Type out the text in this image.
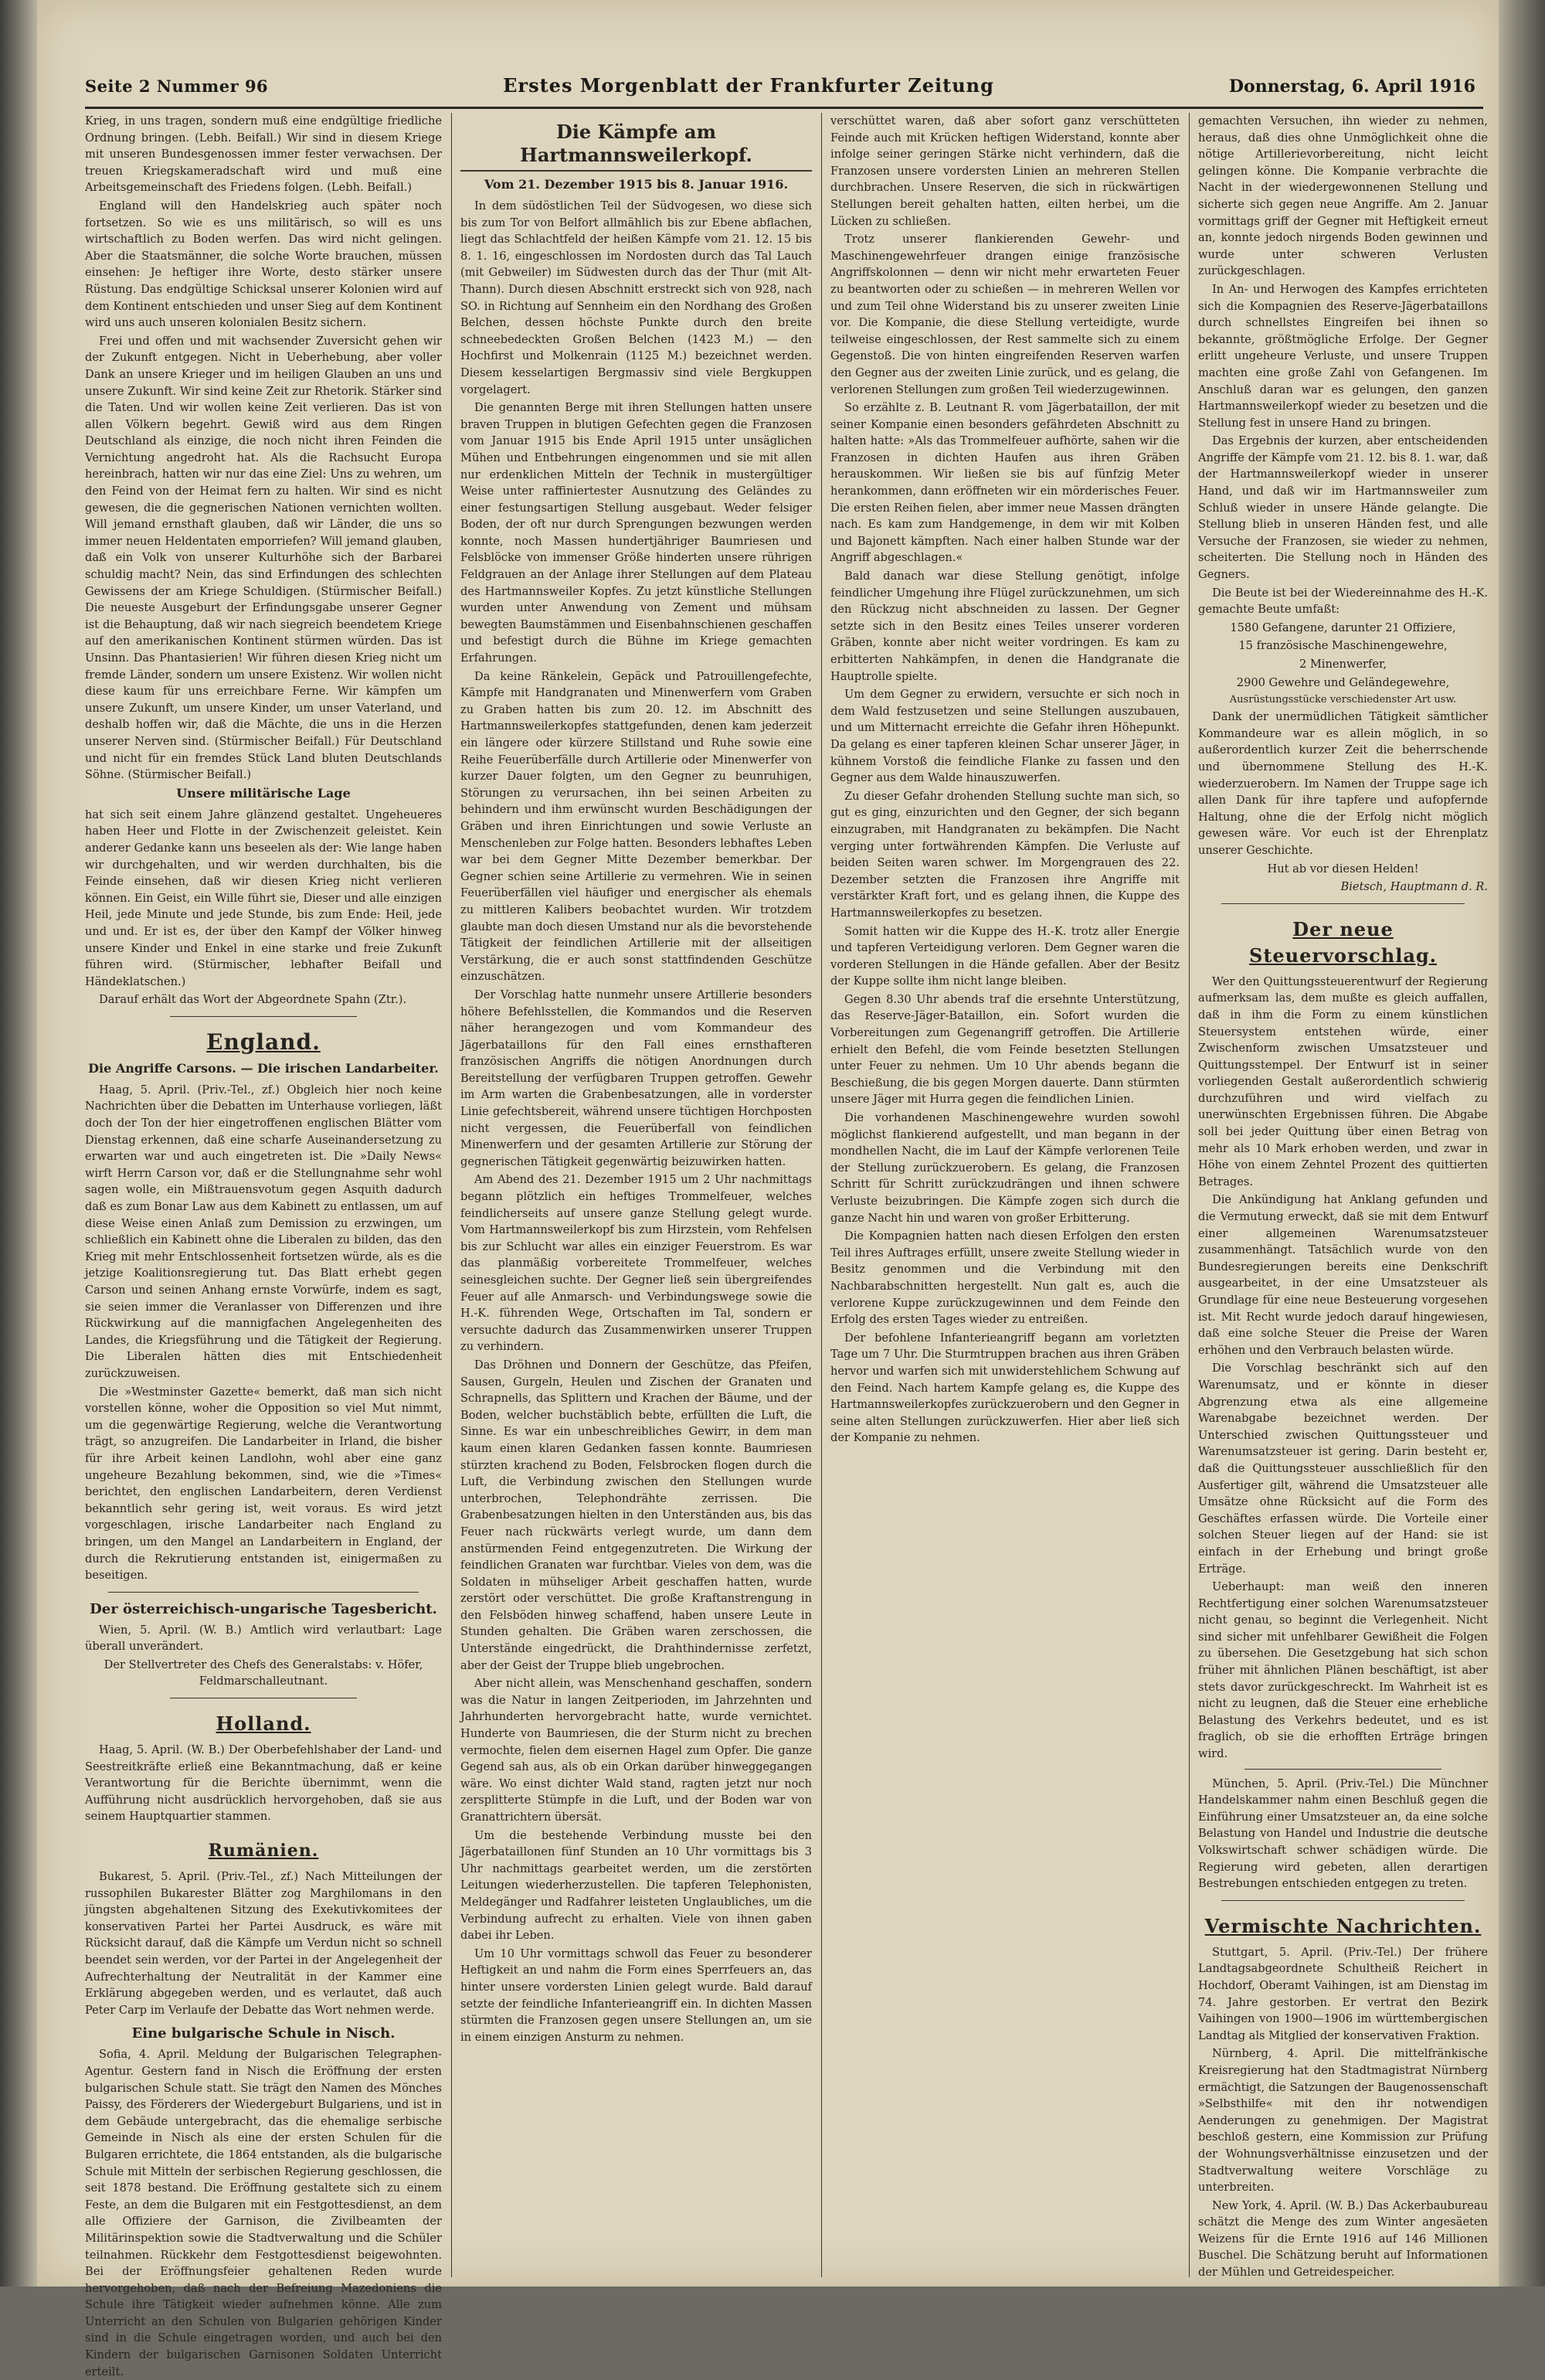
Seite 2 Nummer 96	Erstes Morgenblatt der Frankfurter Zeitung	Donnerstag, 6. April 1916

Krieg, in uns tragen, sondern muß eine endgültige friedliche Ordnung bringen. (Lebh. Beifall.) Wir sind in diesem Kriege mit unseren Bundesgenossen immer fester verwachsen. Der treuen Kriegskameradschaft wird und muß eine Arbeitsgemeinschaft des Friedens folgen. (Lebh. Beifall.)

England will den Handelskrieg auch später noch fortsetzen. So wie es uns militärisch, so will es uns wirtschaftlich zu Boden werfen. Das wird nicht gelingen. Aber die Staatsmänner, die solche Worte brauchen, müssen einsehen: Je heftiger ihre Worte, desto stärker unsere Rüstung. Das endgültige Schicksal unserer Kolonien wird auf dem Kontinent entschieden und unser Sieg auf dem Kontinent wird uns auch unseren kolonialen Besitz sichern.

Frei und offen und mit wachsender Zuversicht gehen wir der Zukunft entgegen. Nicht in Ueberhebung, aber voller Dank an unsere Krieger und im heiligen Glauben an uns und unsere Zukunft. Wir sind keine Zeit zur Rhetorik. Stärker sind die Taten. Und wir wollen keine Zeit verlieren. Das ist von allen Völkern begehrt. Gewiß wird aus dem Ringen Deutschland als einzige, die noch nicht ihren Feinden die Vernichtung angedroht hat. Als die Rachsucht Europa hereinbrach, hatten wir nur das eine Ziel: Uns zu wehren, um den Feind von der Heimat fern zu halten. Wir sind es nicht gewesen, die die gegnerischen Nationen vernichten wollten. Will jemand ernsthaft glauben, daß wir Länder, die uns so immer neuen Heldentaten emporriefen? Will jemand glauben, daß ein Volk von unserer Kulturhöhe sich der Barbarei schuldig macht? Nein, das sind Erfindungen des schlechten Gewissens der am Kriege Schuldigen. (Stürmischer Beifall.) Die neueste Ausgeburt der Erfindungsgabe unserer Gegner ist die Behauptung, daß wir nach siegreich beendetem Kriege auf den amerikanischen Kontinent stürmen würden. Das ist Unsinn. Das Phantasierien! Wir führen diesen Krieg nicht um fremde Länder, sondern um unsere Existenz. Wir wollen nicht diese kaum für uns erreichbare Ferne. Wir kämpfen um unsere Zukunft, um unsere Kinder, um unser Vaterland, und deshalb hoffen wir, daß die Mächte, die uns in die Herzen unserer Nerven sind. (Stürmischer Beifall.) Für Deutschland und nicht für ein fremdes Stück Land bluten Deutschlands Söhne. (Stürmischer Beifall.)

Unsere militärische Lage

hat sich seit einem Jahre glänzend gestaltet. Ungeheueres haben Heer und Flotte in der Zwischenzeit geleistet. Kein anderer Gedanke kann uns beseelen als der: Wie lange haben wir durchgehalten, und wir werden durchhalten, bis die Feinde einsehen, daß wir diesen Krieg nicht verlieren können. Ein Geist, ein Wille führt sie, Dieser und alle einzigen Heil, jede Minute und jede Stunde, bis zum Ende: Heil, jede und und. Er ist es, der über den Kampf der Völker hinweg unsere Kinder und Enkel in eine starke und freie Zukunft führen wird. (Stürmischer, lebhafter Beifall und Händeklatschen.)

Darauf erhält das Wort der Abgeordnete Spahn (Ztr.).

England.
Die Angriffe Carsons. — Die irischen Landarbeiter.

Haag, 5. April. (Priv.-Tel., zf.) Obgleich hier noch keine Nachrichten über die Debatten im Unterhause vorliegen, läßt doch der Ton der hier eingetroffenen englischen Blätter vom Dienstag erkennen, daß eine scharfe Auseinandersetzung zu erwarten war und auch eingetreten ist. Die »Daily News« wirft Herrn Carson vor, daß er die Stellungnahme sehr wohl sagen wolle, ein Mißtrauensvotum gegen Asquith dadurch daß es zum Bonar Law aus dem Kabinett zu entlassen, um auf diese Weise einen Anlaß zum Demission zu erzwingen, um schließlich ein Kabinett ohne die Liberalen zu bilden, das den Krieg mit mehr Entschlossenheit fortsetzen würde, als es die jetzige Koalitionsregierung tut. Das Blatt erhebt gegen Carson und seinen Anhang ernste Vorwürfe, indem es sagt, sie seien immer die Veranlasser von Differenzen und ihre Rückwirkung auf die mannigfachen Angelegenheiten des Landes, die Kriegsführung und die Tätigkeit der Regierung. Die Liberalen hätten dies mit Entschiedenheit zurückzuweisen.

Die »Westminster Gazette« bemerkt, daß man sich nicht vorstellen könne, woher die Opposition so viel Mut nimmt, um die gegenwärtige Regierung, welche die Verantwortung trägt, so anzugreifen. Die Landarbeiter in Irland, die bisher für ihre Arbeit keinen Landlohn, wohl aber eine ganz ungeheure Bezahlung bekommen, sind, wie die »Times« berichtet, den englischen Landarbeitern, deren Verdienst bekanntlich sehr gering ist, weit voraus. Es wird jetzt vorgeschlagen, irische Landarbeiter nach England zu bringen, um den Mangel an Landarbeitern in England, der durch die Rekrutierung entstanden ist, einigermaßen zu beseitigen.

Der österreichisch-ungarische Tagesbericht.

Wien, 5. April. (W. B.) Amtlich wird verlautbart: Lage überall unverändert.

Der Stellvertreter des Chefs des Generalstabs: v. Höfer, Feldmarschalleutnant.

Holland.

Haag, 5. April. (W. B.) Der Oberbefehlshaber der Land- und Seestreitkräfte erließ eine Bekanntmachung, daß er keine Verantwortung für die Berichte übernimmt, wenn die Aufführung nicht ausdrücklich hervorgehoben, daß sie aus seinem Hauptquartier stammen.

Rumänien.

Bukarest, 5. April. (Priv.-Tel., zf.) Nach Mitteilungen der russophilen Bukarester Blätter zog Marghilomans in den jüngsten abgehaltenen Sitzung des Exekutivkomitees der konservativen Partei her Partei Ausdruck, es wäre mit Rücksicht darauf, daß die Kämpfe um Verdun nicht so schnell beendet sein werden, vor der Partei in der Angelegenheit der Aufrechterhaltung der Neutralität in der Kammer eine Erklärung abgegeben werden, und es verlautet, daß auch Peter Carp im Verlaufe der Debatte das Wort nehmen werde.

Eine bulgarische Schule in Nisch.

Sofia, 4. April. Meldung der Bulgarischen Telegraphen-Agentur. Gestern fand in Nisch die Eröffnung der ersten bulgarischen Schule statt. Sie trägt den Namen des Mönches Paissy, des Förderers der Wiedergeburt Bulgariens, und ist in dem Gebäude untergebracht, das die ehemalige serbische Gemeinde in Nisch als eine der ersten Schulen für die Bulgaren errichtete, die 1864 entstanden, als die bulgarische Schule mit Mitteln der serbischen Regierung geschlossen, die seit 1878 bestand. Die Eröffnung gestaltete sich zu einem Feste, an dem die Bulgaren mit ein Festgottesdienst, an dem alle Offiziere der Garnison, die Zivilbeamten der Militärinspektion sowie die Stadtverwaltung und die Schüler teilnahmen. Rückkehr dem Festgottesdienst beigewohnten. Bei der Eröffnungsfeier gehaltenen Reden wurde hervorgehoben, daß nach der Befreiung Mazedoniens die Schule ihre Tätigkeit wieder aufnehmen könne. Alle zum Unterricht an den Schulen von Bulgarien gehörigen Kinder sind in die Schule eingetragen worden, und auch bei den Kindern der bulgarischen Garnisonen Soldaten Unterricht erteilt.

Die Kämpfe am Hartmannsweilerkopf.
Vom 21. Dezember 1915 bis 8. Januar 1916.

In dem südöstlichen Teil der Südvogesen, wo diese sich bis zum Tor von Belfort allmählich bis zur Ebene abflachen, liegt das Schlachtfeld der heißen Kämpfe vom 21. 12. 15 bis 8. 1. 16, eingeschlossen im Nordosten durch das Tal Lauch (mit Gebweiler) im Südwesten durch das der Thur (mit Alt-Thann). Durch diesen Abschnitt erstreckt sich von 928, nach SO. in Richtung auf Sennheim ein den Nordhang des Großen Belchen, dessen höchste Punkte durch den breite schneebedeckten Großen Belchen (1423 M.) — den Hochfirst und Molkenrain (1125 M.) bezeichnet werden. Diesem kesselartigen Bergmassiv sind viele Bergkuppen vorgelagert.

Die genannten Berge mit ihren Stellungen hatten unsere braven Truppen in blutigen Gefechten gegen die Franzosen vom Januar 1915 bis Ende April 1915 unter unsäglichen Mühen und Entbehrungen eingenommen und sie mit allen nur erdenklichen Mitteln der Technik in mustergültiger Weise unter raffiniertester Ausnutzung des Geländes zu einer festungsartigen Stellung ausgebaut. Weder felsiger Boden, der oft nur durch Sprengungen bezwungen werden konnte, noch Massen hundertjähriger Baumriesen und Felsblöcke von immenser Größe hinderten unsere rührigen Feldgrauen an der Anlage ihrer Stellungen auf dem Plateau des Hartmannsweiler Kopfes. Zu jetzt künstliche Stellungen wurden unter Anwendung von Zement und mühsam bewegten Baumstämmen und Eisenbahnschienen geschaffen und befestigt durch die Bühne im Kriege gemachten Erfahrungen.

Da keine Ränkelein, Gepäck und Patrouillengefechte, Kämpfe mit Handgranaten und Minenwerfern vom Graben zu Graben hatten bis zum 20. 12. im Abschnitt des Hartmannsweilerkopfes stattgefunden, denen kam jederzeit ein längere oder kürzere Stillstand und Ruhe sowie eine Reihe Feuerüberfälle durch Artillerie oder Minenwerfer von kurzer Dauer folgten, um den Gegner zu beunruhigen, Störungen zu verursachen, ihn bei seinen Arbeiten zu behindern und ihm erwünscht wurden Beschädigungen der Gräben und ihren Einrichtungen und sowie Verluste an Menschenleben zur Folge hatten. Besonders lebhaftes Leben war bei dem Gegner Mitte Dezember bemerkbar. Der Gegner schien seine Artillerie zu vermehren. Wie in seinen Feuerüberfällen viel häufiger und energischer als ehemals zu mittleren Kalibers beobachtet wurden. Wir trotzdem glaubte man doch diesen Umstand nur als die bevorstehende Tätigkeit der feindlichen Artillerie mit der allseitigen Verstärkung, die er auch sonst stattfindenden Geschütze einzuschätzen.

Der Vorschlag hatte nunmehr unsere Artillerie besonders höhere Befehlsstellen, die Kommandos und die Reserven näher herangezogen und vom Kommandeur des Jägerbataillons für den Fall eines ernsthafteren französischen Angriffs die nötigen Anordnungen durch Bereitstellung der verfügbaren Truppen getroffen. Gewehr im Arm warten die Grabenbesatzungen, alle in vorderster Linie gefechtsbereit, während unsere tüchtigen Horchposten nicht vergessen, die Feuerüberfall von feindlichen Minenwerfern und der gesamten Artillerie zur Störung der gegnerischen Tätigkeit gegenwärtig beizuwirken hatten.

Am Abend des 21. Dezember 1915 um 2 Uhr nachmittags begann plötzlich ein heftiges Trommelfeuer, welches feindlicherseits auf unsere ganze Stellung gelegt wurde. Vom Hartmannsweilerkopf bis zum Hirzstein, vom Rehfelsen bis zur Schlucht war alles ein einziger Feuerstrom. Es war das planmäßig vorbereitete Trommelfeuer, welches seinesgleichen suchte. Der Gegner ließ sein übergreifendes Feuer auf alle Anmarsch- und Verbindungswege sowie die H.-K. führenden Wege, Ortschaften im Tal, sondern er versuchte dadurch das Zusammenwirken unserer Truppen zu verhindern.

Das Dröhnen und Donnern der Geschütze, das Pfeifen, Sausen, Gurgeln, Heulen und Zischen der Granaten und Schrapnells, das Splittern und Krachen der Bäume, und der Boden, welcher buchstäblich bebte, erfüllten die Luft, die Sinne. Es war ein unbeschreibliches Gewirr, in dem man kaum einen klaren Gedanken fassen konnte. Baumriesen stürzten krachend zu Boden, Felsbrocken flogen durch die Luft, die Verbindung zwischen den Stellungen wurde unterbrochen, Telephondrähte zerrissen. Die Grabenbesatzungen hielten in den Unterständen aus, bis das Feuer nach rückwärts verlegt wurde, um dann dem anstürmenden Feind entgegenzutreten. Die Wirkung der feindlichen Granaten war furchtbar. Vieles von dem, was die Soldaten in mühseliger Arbeit geschaffen hatten, wurde zerstört oder verschüttet. Die große Kraftanstrengung in den Felsböden hinweg schaffend, haben unsere Leute in Stunden gehalten. Die Gräben waren zerschossen, die Unterstände eingedrückt, die Drahthindernisse zerfetzt, aber der Geist der Truppe blieb ungebrochen.

Aber nicht allein, was Menschenhand geschaffen, sondern was die Natur in langen Zeitperioden, im Jahrzehnten und Jahrhunderten hervorgebracht hatte, wurde vernichtet. Hunderte von Baumriesen, die der Sturm nicht zu brechen vermochte, fielen dem eisernen Hagel zum Opfer. Die ganze Gegend sah aus, als ob ein Orkan darüber hinweggegangen wäre. Wo einst dichter Wald stand, ragten jetzt nur noch zersplitterte Stümpfe in die Luft, und der Boden war von Granattrichtern übersät.

Um die bestehende Verbindung musste bei den Jägerbataillonen fünf Stunden an 10 Uhr vormittags bis 3 Uhr nachmittags gearbeitet werden, um die zerstörten Leitungen wiederherzustellen. Die tapferen Telephonisten, Meldegänger und Radfahrer leisteten Unglaubliches, um die Verbindung aufrecht zu erhalten. Viele von ihnen gaben dabei ihr Leben.

Um 10 Uhr vormittags schwoll das Feuer zu besonderer Heftigkeit an und nahm die Form eines Sperrfeuers an, das hinter unsere vordersten Linien gelegt wurde. Bald darauf setzte der feindliche Infanterieangriff ein. In dichten Massen stürmten die Franzosen gegen unsere Stellungen an, um sie in einem einzigen Ansturm zu nehmen.

verschüttet waren, daß aber sofort ganz verschütteten Feinde auch mit Krücken heftigen Widerstand, konnte aber infolge seiner geringen Stärke nicht verhindern, daß die Franzosen unsere vordersten Linien an mehreren Stellen durchbrachen. Unsere Reserven, die sich in rückwärtigen Stellungen bereit gehalten hatten, eilten herbei, um die Lücken zu schließen.

Trotz unserer flankierenden Gewehr- und Maschinengewehrfeuer drangen einige französische Angriffskolonnen — denn wir nicht mehr erwarteten Feuer zu beantworten oder zu schießen — in mehreren Wellen vor und zum Teil ohne Widerstand bis zu unserer zweiten Linie vor. Die Kompanie, die diese Stellung verteidigte, wurde teilweise eingeschlossen, der Rest sammelte sich zu einem Gegenstoß. Die von hinten eingreifenden Reserven warfen den Gegner aus der zweiten Linie zurück, und es gelang, die verlorenen Stellungen zum großen Teil wiederzugewinnen.

So erzählte z. B. Leutnant R. vom Jägerbataillon, der mit seiner Kompanie einen besonders gefährdeten Abschnitt zu halten hatte: »Als das Trommelfeuer aufhörte, sahen wir die Franzosen in dichten Haufen aus ihren Gräben herauskommen. Wir ließen sie bis auf fünfzig Meter herankommen, dann eröffneten wir ein mörderisches Feuer. Die ersten Reihen fielen, aber immer neue Massen drängten nach. Es kam zum Handgemenge, in dem wir mit Kolben und Bajonett kämpften. Nach einer halben Stunde war der Angriff abgeschlagen.«

Bald danach war diese Stellung genötigt, infolge feindlicher Umgehung ihre Flügel zurückzunehmen, um sich den Rückzug nicht abschneiden zu lassen. Der Gegner setzte sich in den Besitz eines Teiles unserer vorderen Gräben, konnte aber nicht weiter vordringen. Es kam zu erbitterten Nahkämpfen, in denen die Handgranate die Hauptrolle spielte.

Um dem Gegner zu erwidern, versuchte er sich noch in dem Wald festzusetzen und seine Stellungen auszubauen, und um Mitternacht erreichte die Gefahr ihren Höhepunkt. Da gelang es einer tapferen kleinen Schar unserer Jäger, in kühnem Vorstoß die feindliche Flanke zu fassen und den Gegner aus dem Walde hinauszuwerfen.

Zu dieser Gefahr drohenden Stellung suchte man sich, so gut es ging, einzurichten und den Gegner, der sich begann einzugraben, mit Handgranaten zu bekämpfen. Die Nacht verging unter fortwährenden Kämpfen. Die Verluste auf beiden Seiten waren schwer. Im Morgengrauen des 22. Dezember setzten die Franzosen ihre Angriffe mit verstärkter Kraft fort, und es gelang ihnen, die Kuppe des Hartmannsweilerkopfes zu besetzen.

Somit hatten wir die Kuppe des H.-K. trotz aller Energie und tapferen Verteidigung verloren. Dem Gegner waren die vorderen Stellungen in die Hände gefallen. Aber der Besitz der Kuppe sollte ihm nicht lange bleiben.

Gegen 8.30 Uhr abends traf die ersehnte Unterstützung, das Reserve-Jäger-Bataillon, ein. Sofort wurden die Vorbereitungen zum Gegenangriff getroffen. Die Artillerie erhielt den Befehl, die vom Feinde besetzten Stellungen unter Feuer zu nehmen. Um 10 Uhr abends begann die Beschießung, die bis gegen Morgen dauerte. Dann stürmten unsere Jäger mit Hurra gegen die feindlichen Linien.

Die vorhandenen Maschinengewehre wurden sowohl möglichst flankierend aufgestellt, und man begann in der mondhellen Nacht, die im Lauf der Kämpfe verlorenen Teile der Stellung zurückzuerobern. Es gelang, die Franzosen Schritt für Schritt zurückzudrängen und ihnen schwere Verluste beizubringen. Die Kämpfe zogen sich durch die ganze Nacht hin und waren von großer Erbitterung.

Die Kompagnien hatten nach diesen Erfolgen den ersten Teil ihres Auftrages erfüllt, unsere zweite Stellung wieder in Besitz genommen und die Verbindung mit den Nachbarabschnitten hergestellt. Nun galt es, auch die verlorene Kuppe zurückzugewinnen und dem Feinde den Erfolg des ersten Tages wieder zu entreißen.

Der befohlene Infanterieangriff begann am vorletzten Tage um 7 Uhr. Die Sturmtruppen brachen aus ihren Gräben hervor und warfen sich mit unwiderstehlichem Schwung auf den Feind. Nach hartem Kampfe gelang es, die Kuppe des Hartmannsweilerkopfes zurückzuerobern und den Gegner in seine alten Stellungen zurückzuwerfen. Hier aber ließ sich der Kompanie zu nehmen.

gemachten Versuchen, ihn wieder zu nehmen, heraus, daß dies ohne Unmöglichkeit ohne die nötige Artillerievorbereitung, nicht leicht gelingen könne. Die Kompanie verbrachte die Nacht in der wiedergewonnenen Stellung und sicherte sich gegen neue Angriffe. Am 2. Januar vormittags griff der Gegner mit Heftigkeit erneut an, konnte jedoch nirgends Boden gewinnen und wurde unter schweren Verlusten zurückgeschlagen.

In An- und Herwogen des Kampfes errichteten sich die Kompagnien des Reserve-Jägerbataillons durch schnellstes Eingreifen bei ihnen so bekannte, größtmögliche Erfolge. Der Gegner erlitt ungeheure Verluste, und unsere Truppen machten eine große Zahl von Gefangenen. Im Anschluß daran war es gelungen, den ganzen Hartmannsweilerkopf wieder zu besetzen und die Stellung fest in unsere Hand zu bringen.

Das Ergebnis der kurzen, aber entscheidenden Angriffe der Kämpfe vom 21. 12. bis 8. 1. war, daß der Hartmannsweilerkopf wieder in unserer Hand, und daß wir im Hartmannsweiler zum Schluß wieder in unsere Hände gelangte. Die Stellung blieb in unseren Händen fest, und alle Versuche der Franzosen, sie wieder zu nehmen, scheiterten. Die Stellung noch in Händen des Gegners.

Die Beute ist bei der Wiedereinnahme des H.-K. gemachte Beute umfaßt:

1580 Gefangene, darunter 21 Offiziere,

15 französische Maschinengewehre,

2 Minenwerfer,

2900 Gewehre und Geländegewehre,

Ausrüstungsstücke verschiedenster Art usw.

Dank der unermüdlichen Tätigkeit sämtlicher Kommandeure war es allein möglich, in so außerordentlich kurzer Zeit die beherrschende und übernommene Stellung des H.-K. wiederzuerobern. Im Namen der Truppe sage ich allen Dank für ihre tapfere und aufopfernde Haltung, ohne die der Erfolg nicht möglich gewesen wäre. Vor euch ist der Ehrenplatz unserer Geschichte.

Hut ab vor diesen Helden!

Bietsch, Hauptmann d. R.

Der neue Steuervorschlag.

Wer den Quittungssteuerentwurf der Regierung aufmerksam las, dem mußte es gleich auffallen, daß in ihm die Form zu einem künstlichen Steuersystem entstehen würde, einer Zwischenform zwischen Umsatzsteuer und Quittungsstempel. Der Entwurf ist in seiner vorliegenden Gestalt außerordentlich schwierig durchzuführen und wird vielfach zu unerwünschten Ergebnissen führen. Die Abgabe soll bei jeder Quittung über einen Betrag von mehr als 10 Mark erhoben werden, und zwar in Höhe von einem Zehntel Prozent des quittierten Betrages.

Die Ankündigung hat Anklang gefunden und die Vermutung erweckt, daß sie mit dem Entwurf einer allgemeinen Warenumsatzsteuer zusammenhängt. Tatsächlich wurde von den Bundesregierungen bereits eine Denkschrift ausgearbeitet, in der eine Umsatzsteuer als Grundlage für eine neue Besteuerung vorgesehen ist. Mit Recht wurde jedoch darauf hingewiesen, daß eine solche Steuer die Preise der Waren erhöhen und den Verbrauch belasten würde.

Die Vorschlag beschränkt sich auf den Warenumsatz, und er könnte in dieser Abgrenzung etwa als eine allgemeine Warenabgabe bezeichnet werden. Der Unterschied zwischen Quittungssteuer und Warenumsatzsteuer ist gering. Darin besteht er, daß die Quittungssteuer ausschließlich für den Ausfertiger gilt, während die Umsatzsteuer alle Umsätze ohne Rücksicht auf die Form des Geschäftes erfassen würde. Die Vorteile einer solchen Steuer liegen auf der Hand: sie ist einfach in der Erhebung und bringt große Erträge.

Ueberhaupt: man weiß den inneren Rechtfertigung einer solchen Warenumsatzsteuer nicht genau, so beginnt die Verlegenheit. Nicht sind sicher mit unfehlbarer Gewißheit die Folgen zu übersehen. Die Gesetzgebung hat sich schon früher mit ähnlichen Plänen beschäftigt, ist aber stets davor zurückgeschreckt. Im Wahrheit ist es nicht zu leugnen, daß die Steuer eine erhebliche Belastung des Verkehrs bedeutet, und es ist fraglich, ob sie die erhofften Erträge bringen wird.

München, 5. April. (Priv.-Tel.) Die Münchner Handelskammer nahm einen Beschluß gegen die Einführung einer Umsatzsteuer an, da eine solche Belastung von Handel und Industrie die deutsche Volkswirtschaft schwer schädigen würde. Die Regierung wird gebeten, allen derartigen Bestrebungen entschieden entgegen zu treten.

Vermischte Nachrichten.

Stuttgart, 5. April. (Priv.-Tel.) Der frühere Landtagsabgeordnete Schultheiß Reichert in Hochdorf, Oberamt Vaihingen, ist am Dienstag im 74. Jahre gestorben. Er vertrat den Bezirk Vaihingen von 1900—1906 im württembergischen Landtag als Mitglied der konservativen Fraktion.

Nürnberg, 4. April. Die mittelfränkische Kreisregierung hat den Stadtmagistrat Nürnberg ermächtigt, die Satzungen der Baugenossenschaft »Selbsthilfe« mit den ihr notwendigen Aenderungen zu genehmigen. Der Magistrat beschloß gestern, eine Kommission zur Prüfung der Wohnungsverhältnisse einzusetzen und der Stadtverwaltung weitere Vorschläge zu unterbreiten.

New York, 4. April. (W. B.) Das Ackerbaubureau schätzt die Menge des zum Winter angesäeten Weizens für die Ernte 1916 auf 146 Millionen Buschel. Die Schätzung beruht auf Informationen der Mühlen und Getreidespeicher.
